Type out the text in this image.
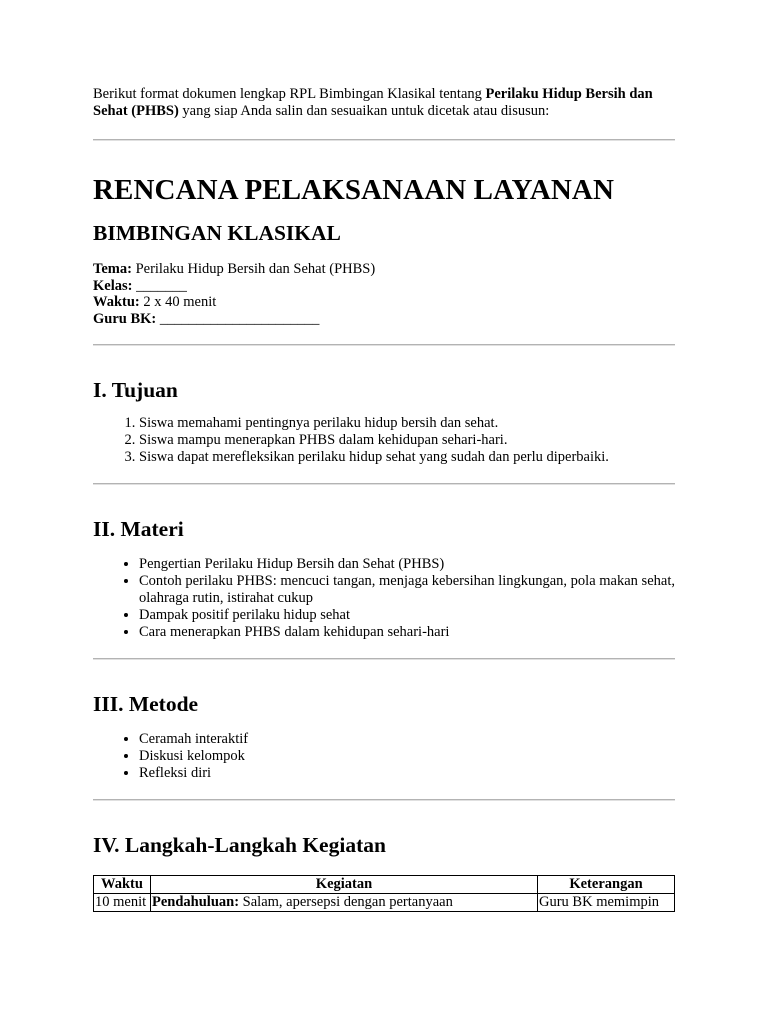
Berikut format dokumen lengkap RPL Bimbingan Klasikal tentang Perilaku Hidup Bersih dan Sehat (PHBS) yang siap Anda salin dan sesuaikan untuk dicetak atau disusun:

RENCANA PELAKSANAAN LAYANAN
BIMBINGAN KLASIKAL

Tema: Perilaku Hidup Bersih dan Sehat (PHBS)

Kelas: _______

Waktu: 2 x 40 menit

Guru BK: ______________________

I. Tujuan
1. Siswa memahami pentingnya perilaku hidup bersih dan sehat.
2. Siswa mampu menerapkan PHBS dalam kehidupan sehari-hari.
3. Siswa dapat merefleksikan perilaku hidup sehat yang sudah dan perlu diperbaiki.
II. Materi
• Pengertian Perilaku Hidup Bersih dan Sehat (PHBS)
• Contoh perilaku PHBS: mencuci tangan, menjaga kebersihan lingkungan, pola makan sehat, olahraga rutin, istirahat cukup
• Dampak positif perilaku hidup sehat
• Cara menerapkan PHBS dalam kehidupan sehari-hari
III. Metode
• Ceramah interaktif
• Diskusi kelompok
• Refleksi diri
IV. Langkah-Langkah Kegiatan
Waktu	Kegiatan	Keterangan
10 menit	Pendahuluan: Salam, apersepsi dengan pertanyaan	Guru BK memimpin
